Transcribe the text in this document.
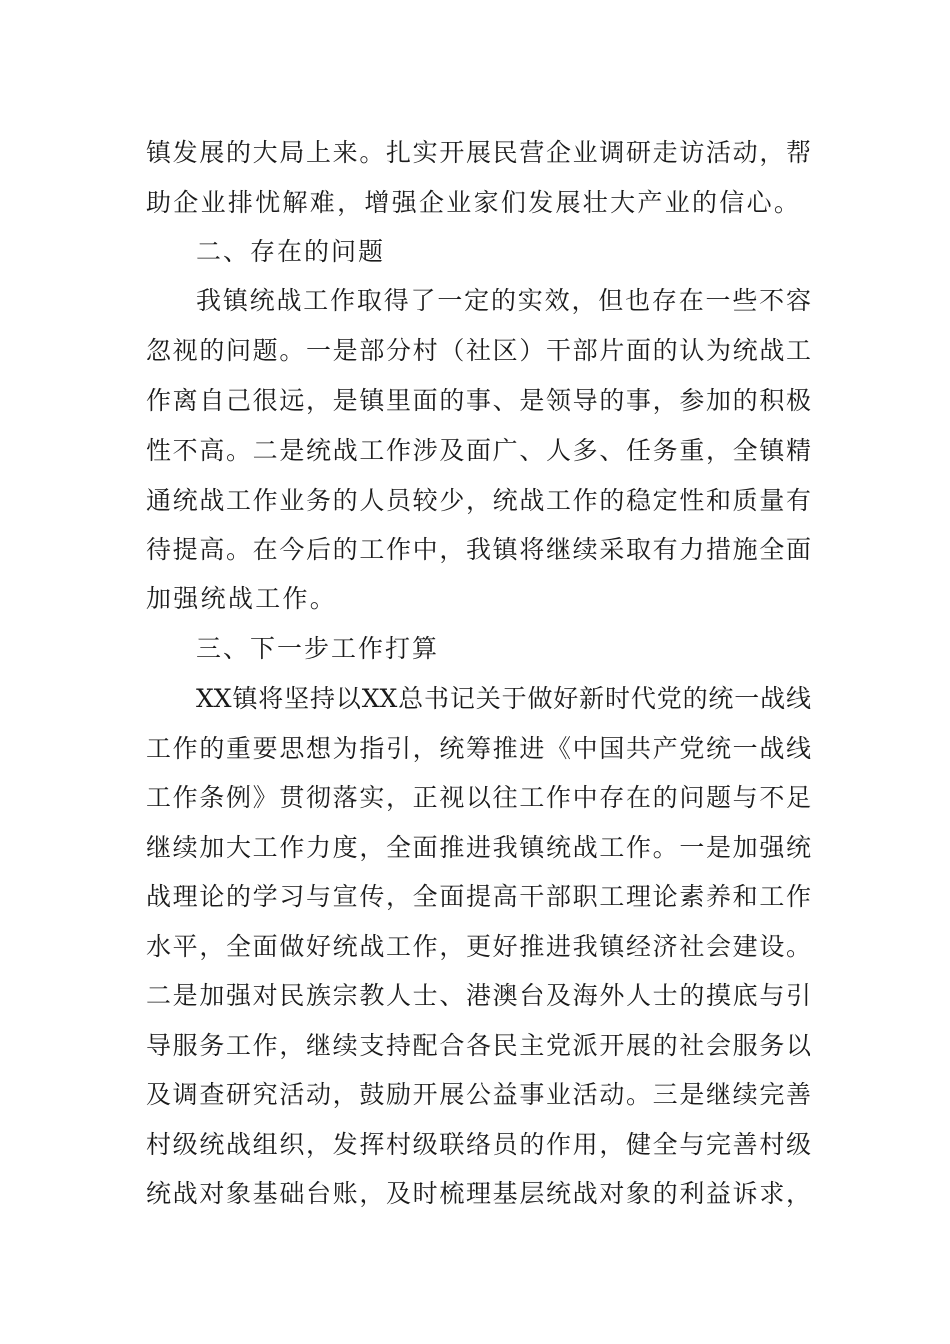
镇发展的大局上来。扎实开展民营企业调研走访活动，帮
助企业排忧解难，增强企业家们发展壮大产业的信心。
二、存在的问题
我镇统战工作取得了一定的实效，但也存在一些不容
忽视的问题。一是部分村（社区）干部片面的认为统战工
作离自己很远，是镇里面的事、是领导的事，参加的积极
性不高。二是统战工作涉及面广、人多、任务重，全镇精
通统战工作业务的人员较少，统战工作的稳定性和质量有
待提高。在今后的工作中，我镇将继续采取有力措施全面
加强统战工作。
三、下一步工作打算
XX镇将坚持以XX总书记关于做好新时代党的统一战线
工作的重要思想为指引，统筹推进《中国共产党统一战线
工作条例》贯彻落实，正视以往工作中存在的问题与不足
继续加大工作力度，全面推进我镇统战工作。一是加强统
战理论的学习与宣传，全面提高干部职工理论素养和工作
水平，全面做好统战工作，更好推进我镇经济社会建设。
二是加强对民族宗教人士、港澳台及海外人士的摸底与引
导服务工作，继续支持配合各民主党派开展的社会服务以
及调查研究活动，鼓励开展公益事业活动。三是继续完善
村级统战组织，发挥村级联络员的作用，健全与完善村级
统战对象基础台账，及时梳理基层统战对象的利益诉求，
